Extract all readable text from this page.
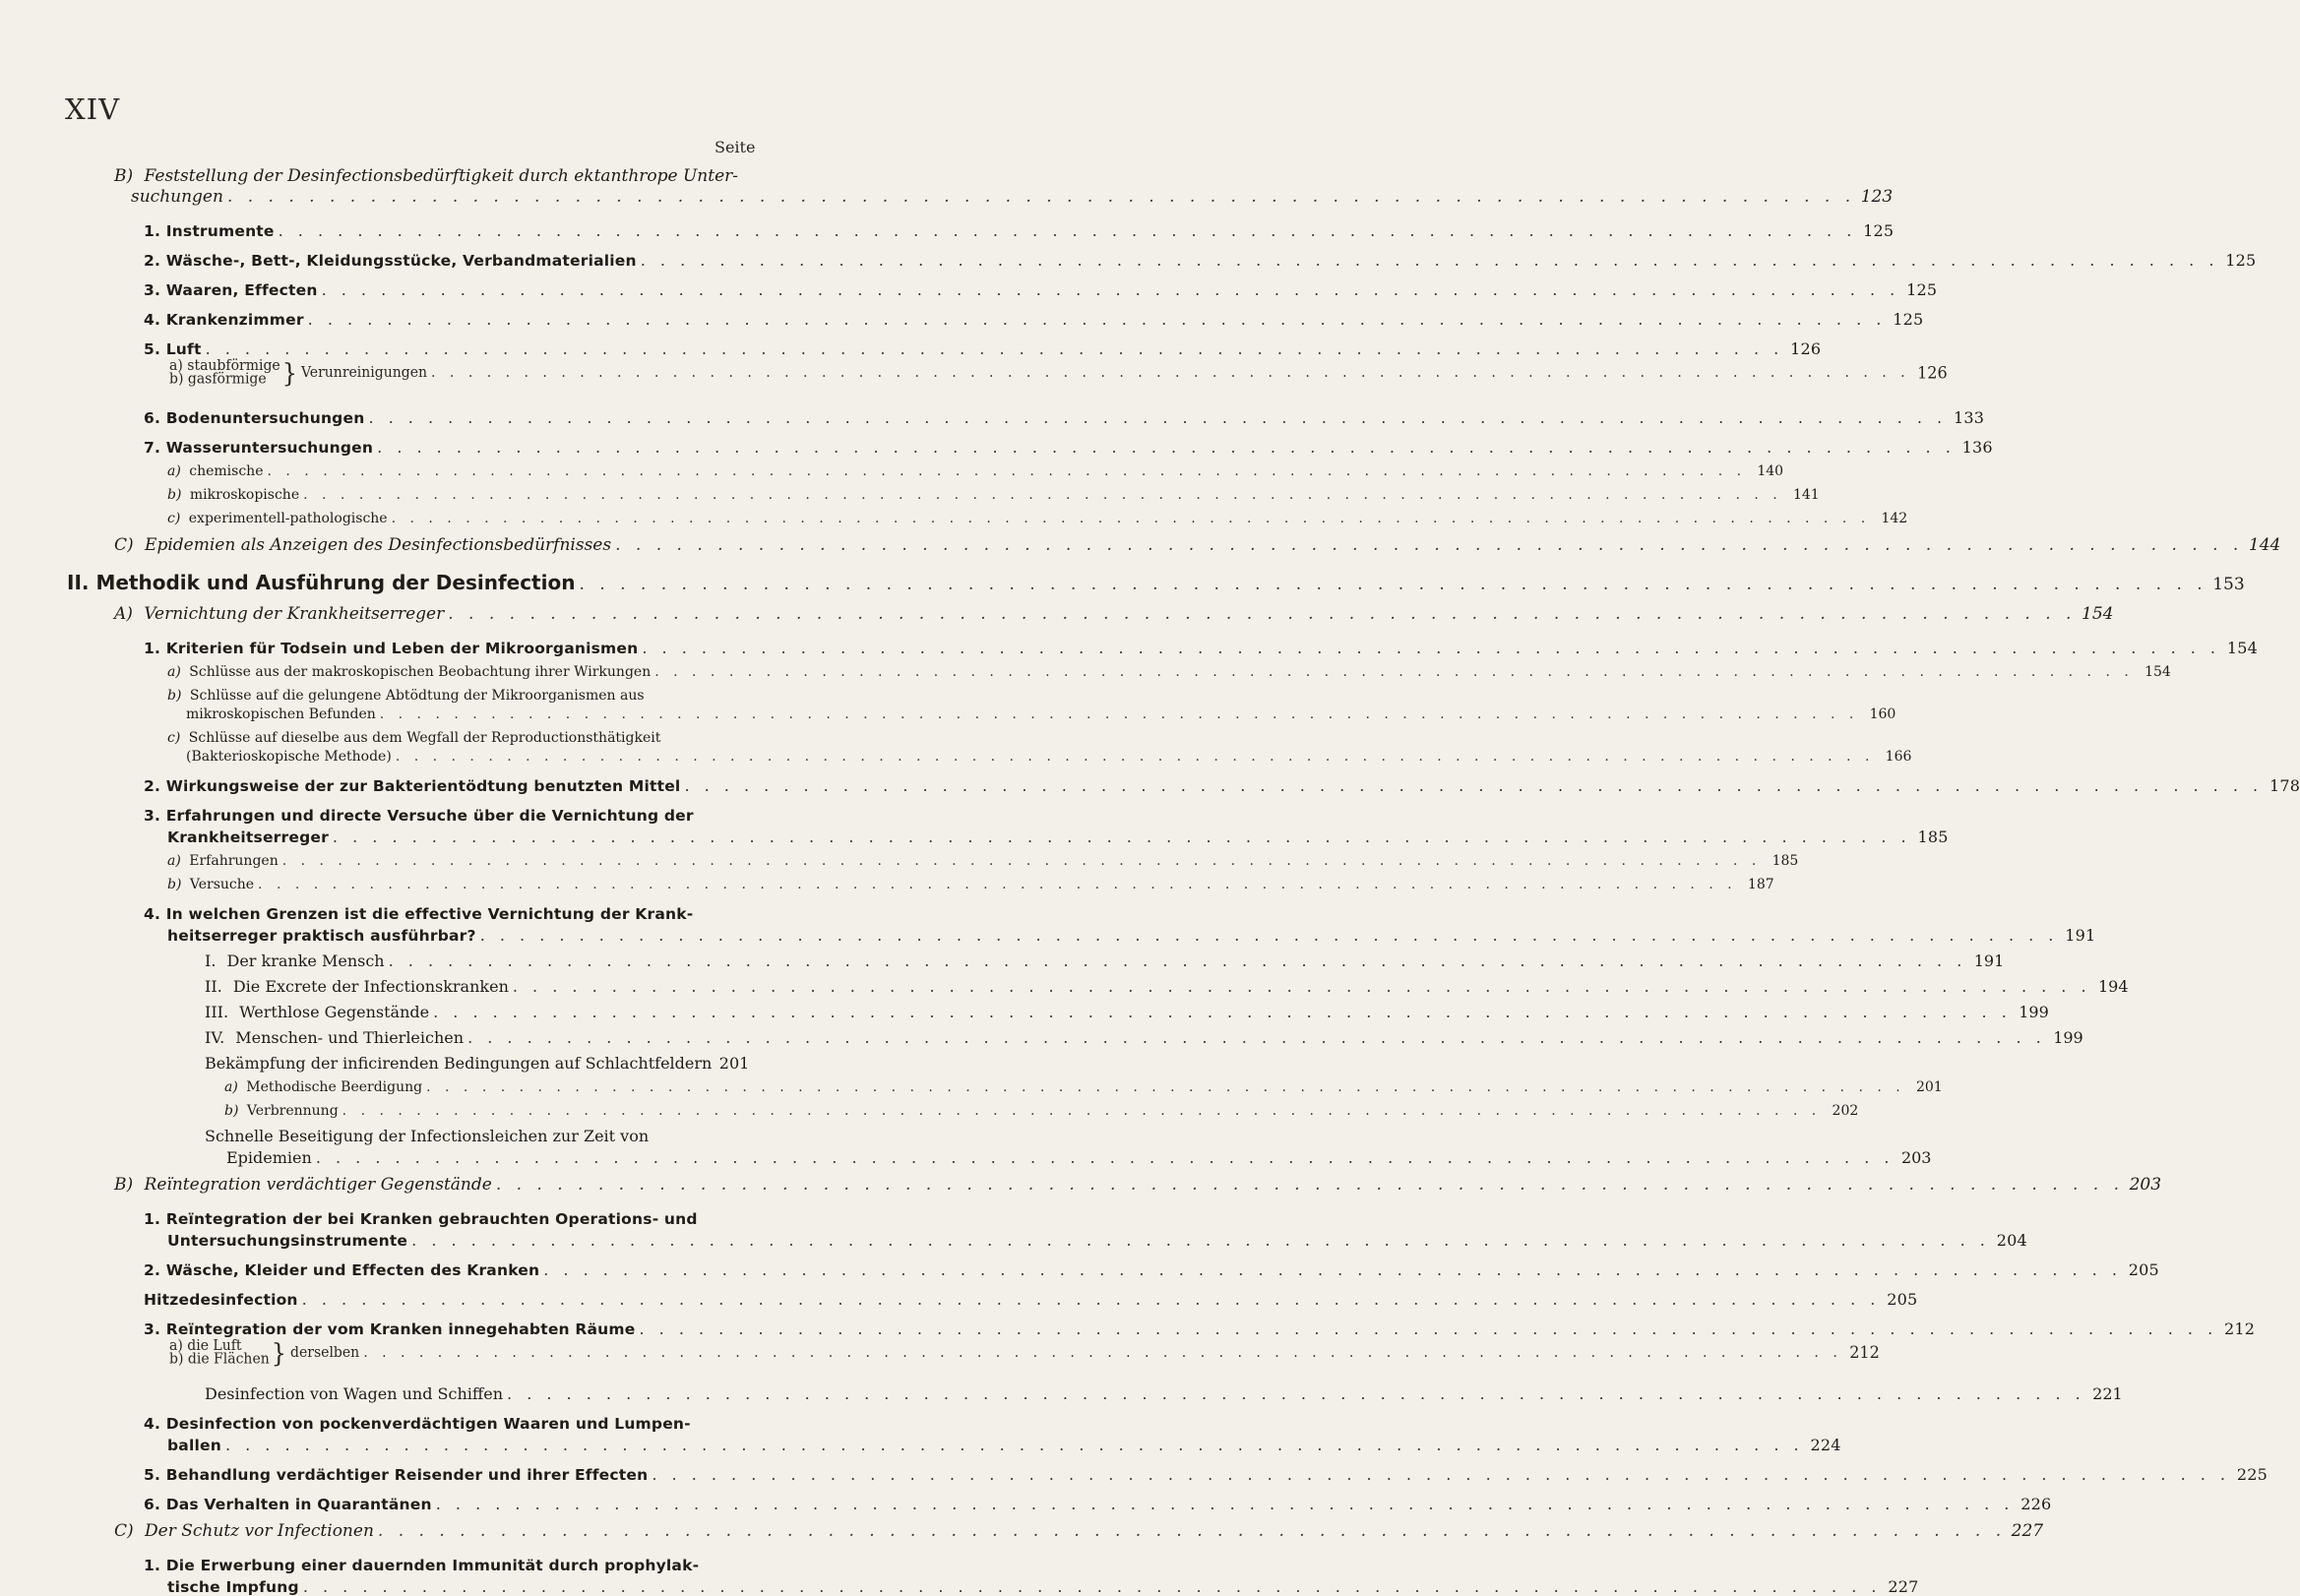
XIV
Seite
B) Feststellung der Desinfectionsbedürftigkeit durch ektanthrope Unter-
suchungen . . . . . . . . . . . . . . . . . . . . . . . . . . . . . . . . . . . . . . . . . . . . . . . . . . . . . . . . . . . . . . . . . . . . . . . . . . . . . . . . 123
1. Instrumente . . . . . . . . . . . . . . . . . . . . . . . . . . . . . . . . . . . . . . . . . . . . . . . . . . . . . . . . . . . . . . . . . . . . . . . . . . . . . . . . 125
2. Wäsche-, Bett-, Kleidungsstücke, Verbandmaterialien . . . . . . . . . . . . . . . . . . . . . . . . . . . . . . . . . . . . . . . . . . . . . . . . . . . . . . . . . . . . . . . . . . . . . . . . . . . . . . . . 125
3. Waaren, Effecten . . . . . . . . . . . . . . . . . . . . . . . . . . . . . . . . . . . . . . . . . . . . . . . . . . . . . . . . . . . . . . . . . . . . . . . . . . . . . . . . 125
4. Krankenzimmer . . . . . . . . . . . . . . . . . . . . . . . . . . . . . . . . . . . . . . . . . . . . . . . . . . . . . . . . . . . . . . . . . . . . . . . . . . . . . . . . 125
5. Luft . . . . . . . . . . . . . . . . . . . . . . . . . . . . . . . . . . . . . . . . . . . . . . . . . . . . . . . . . . . . . . . . . . . . . . . . . . . . . . . . 126
a) staubförmige
b) gasförmige } Verunreinigungen . . . . . . . . . . . . . . . . . . . . . . . . . . . . . . . . . . . . . . . . . . . . . . . . . . . . . . . . . . . . . . . . . . . . . . . . . . . . . . . . 126
6. Bodenuntersuchungen . . . . . . . . . . . . . . . . . . . . . . . . . . . . . . . . . . . . . . . . . . . . . . . . . . . . . . . . . . . . . . . . . . . . . . . . . . . . . . . . 133
7. Wasseruntersuchungen . . . . . . . . . . . . . . . . . . . . . . . . . . . . . . . . . . . . . . . . . . . . . . . . . . . . . . . . . . . . . . . . . . . . . . . . . . . . . . . . 136
a) chemische . . . . . . . . . . . . . . . . . . . . . . . . . . . . . . . . . . . . . . . . . . . . . . . . . . . . . . . . . . . . . . . . . . . . . . . . . . . . . . . . 140
b) mikroskopische . . . . . . . . . . . . . . . . . . . . . . . . . . . . . . . . . . . . . . . . . . . . . . . . . . . . . . . . . . . . . . . . . . . . . . . . . . . . . . . . 141
c) experimentell-pathologische . . . . . . . . . . . . . . . . . . . . . . . . . . . . . . . . . . . . . . . . . . . . . . . . . . . . . . . . . . . . . . . . . . . . . . . . . . . . . . . . 142
C) Epidemien als Anzeigen des Desinfectionsbedürfnisses . . . . . . . . . . . . . . . . . . . . . . . . . . . . . . . . . . . . . . . . . . . . . . . . . . . . . . . . . . . . . . . . . . . . . . . . . . . . . . . . 144
II. Methodik und Ausführung der Desinfection . . . . . . . . . . . . . . . . . . . . . . . . . . . . . . . . . . . . . . . . . . . . . . . . . . . . . . . . . . . . . . . . . . . . . . . . . . . . . . . . 153
A) Vernichtung der Krankheitserreger . . . . . . . . . . . . . . . . . . . . . . . . . . . . . . . . . . . . . . . . . . . . . . . . . . . . . . . . . . . . . . . . . . . . . . . . . . . . . . . . 154
1. Kriterien für Todsein und Leben der Mikroorganismen . . . . . . . . . . . . . . . . . . . . . . . . . . . . . . . . . . . . . . . . . . . . . . . . . . . . . . . . . . . . . . . . . . . . . . . . . . . . . . . . 154
a) Schlüsse aus der makroskopischen Beobachtung ihrer Wirkungen . . . . . . . . . . . . . . . . . . . . . . . . . . . . . . . . . . . . . . . . . . . . . . . . . . . . . . . . . . . . . . . . . . . . . . . . . . . . . . . . 154
b) Schlüsse auf die gelungene Abtödtung der Mikroorganismen aus
mikroskopischen Befunden . . . . . . . . . . . . . . . . . . . . . . . . . . . . . . . . . . . . . . . . . . . . . . . . . . . . . . . . . . . . . . . . . . . . . . . . . . . . . . . . 160
c) Schlüsse auf dieselbe aus dem Wegfall der Reproductionsthätigkeit
(Bakterioskopische Methode) . . . . . . . . . . . . . . . . . . . . . . . . . . . . . . . . . . . . . . . . . . . . . . . . . . . . . . . . . . . . . . . . . . . . . . . . . . . . . . . . 166
2. Wirkungsweise der zur Bakterientödtung benutzten Mittel . . . . . . . . . . . . . . . . . . . . . . . . . . . . . . . . . . . . . . . . . . . . . . . . . . . . . . . . . . . . . . . . . . . . . . . . . . . . . . . . 178
3. Erfahrungen und directe Versuche über die Vernichtung der
Krankheitserreger . . . . . . . . . . . . . . . . . . . . . . . . . . . . . . . . . . . . . . . . . . . . . . . . . . . . . . . . . . . . . . . . . . . . . . . . . . . . . . . . 185
a) Erfahrungen . . . . . . . . . . . . . . . . . . . . . . . . . . . . . . . . . . . . . . . . . . . . . . . . . . . . . . . . . . . . . . . . . . . . . . . . . . . . . . . . 185
b) Versuche . . . . . . . . . . . . . . . . . . . . . . . . . . . . . . . . . . . . . . . . . . . . . . . . . . . . . . . . . . . . . . . . . . . . . . . . . . . . . . . . 187
4. In welchen Grenzen ist die effective Vernichtung der Krank-
heitserreger praktisch ausführbar? . . . . . . . . . . . . . . . . . . . . . . . . . . . . . . . . . . . . . . . . . . . . . . . . . . . . . . . . . . . . . . . . . . . . . . . . . . . . . . . . 191
I. Der kranke Mensch . . . . . . . . . . . . . . . . . . . . . . . . . . . . . . . . . . . . . . . . . . . . . . . . . . . . . . . . . . . . . . . . . . . . . . . . . . . . . . . . 191
II. Die Excrete der Infectionskranken . . . . . . . . . . . . . . . . . . . . . . . . . . . . . . . . . . . . . . . . . . . . . . . . . . . . . . . . . . . . . . . . . . . . . . . . . . . . . . . . 194
III. Werthlose Gegenstände . . . . . . . . . . . . . . . . . . . . . . . . . . . . . . . . . . . . . . . . . . . . . . . . . . . . . . . . . . . . . . . . . . . . . . . . . . . . . . . . 199
IV. Menschen- und Thierleichen . . . . . . . . . . . . . . . . . . . . . . . . . . . . . . . . . . . . . . . . . . . . . . . . . . . . . . . . . . . . . . . . . . . . . . . . . . . . . . . . 199
Bekämpfung der inficirenden Bedingungen auf Schlachtfeldern 201
a) Methodische Beerdigung . . . . . . . . . . . . . . . . . . . . . . . . . . . . . . . . . . . . . . . . . . . . . . . . . . . . . . . . . . . . . . . . . . . . . . . . . . . . . . . . 201
b) Verbrennung . . . . . . . . . . . . . . . . . . . . . . . . . . . . . . . . . . . . . . . . . . . . . . . . . . . . . . . . . . . . . . . . . . . . . . . . . . . . . . . . 202
Schnelle Beseitigung der Infectionsleichen zur Zeit von
Epidemien . . . . . . . . . . . . . . . . . . . . . . . . . . . . . . . . . . . . . . . . . . . . . . . . . . . . . . . . . . . . . . . . . . . . . . . . . . . . . . . . 203
B) Reïntegration verdächtiger Gegenstände . . . . . . . . . . . . . . . . . . . . . . . . . . . . . . . . . . . . . . . . . . . . . . . . . . . . . . . . . . . . . . . . . . . . . . . . . . . . . . . . 203
1. Reïntegration der bei Kranken gebrauchten Operations- und
Untersuchungsinstrumente . . . . . . . . . . . . . . . . . . . . . . . . . . . . . . . . . . . . . . . . . . . . . . . . . . . . . . . . . . . . . . . . . . . . . . . . . . . . . . . . 204
2. Wäsche, Kleider und Effecten des Kranken . . . . . . . . . . . . . . . . . . . . . . . . . . . . . . . . . . . . . . . . . . . . . . . . . . . . . . . . . . . . . . . . . . . . . . . . . . . . . . . . 205
Hitzedesinfection . . . . . . . . . . . . . . . . . . . . . . . . . . . . . . . . . . . . . . . . . . . . . . . . . . . . . . . . . . . . . . . . . . . . . . . . . . . . . . . . 205
3. Reïntegration der vom Kranken innegehabten Räume . . . . . . . . . . . . . . . . . . . . . . . . . . . . . . . . . . . . . . . . . . . . . . . . . . . . . . . . . . . . . . . . . . . . . . . . . . . . . . . . 212
a) die Luft
b) die Flächen } derselben . . . . . . . . . . . . . . . . . . . . . . . . . . . . . . . . . . . . . . . . . . . . . . . . . . . . . . . . . . . . . . . . . . . . . . . . . . . . . . . . 212
Desinfection von Wagen und Schiffen . . . . . . . . . . . . . . . . . . . . . . . . . . . . . . . . . . . . . . . . . . . . . . . . . . . . . . . . . . . . . . . . . . . . . . . . . . . . . . . . 221
4. Desinfection von pockenverdächtigen Waaren und Lumpen-
ballen . . . . . . . . . . . . . . . . . . . . . . . . . . . . . . . . . . . . . . . . . . . . . . . . . . . . . . . . . . . . . . . . . . . . . . . . . . . . . . . . 224
5. Behandlung verdächtiger Reisender und ihrer Effecten . . . . . . . . . . . . . . . . . . . . . . . . . . . . . . . . . . . . . . . . . . . . . . . . . . . . . . . . . . . . . . . . . . . . . . . . . . . . . . . . 225
6. Das Verhalten in Quarantänen . . . . . . . . . . . . . . . . . . . . . . . . . . . . . . . . . . . . . . . . . . . . . . . . . . . . . . . . . . . . . . . . . . . . . . . . . . . . . . . . 226
C) Der Schutz vor Infectionen . . . . . . . . . . . . . . . . . . . . . . . . . . . . . . . . . . . . . . . . . . . . . . . . . . . . . . . . . . . . . . . . . . . . . . . . . . . . . . . . 227
1. Die Erwerbung einer dauernden Immunität durch prophylak-
tische Impfung . . . . . . . . . . . . . . . . . . . . . . . . . . . . . . . . . . . . . . . . . . . . . . . . . . . . . . . . . . . . . . . . . . . . . . . . . . . . . . . . 227
